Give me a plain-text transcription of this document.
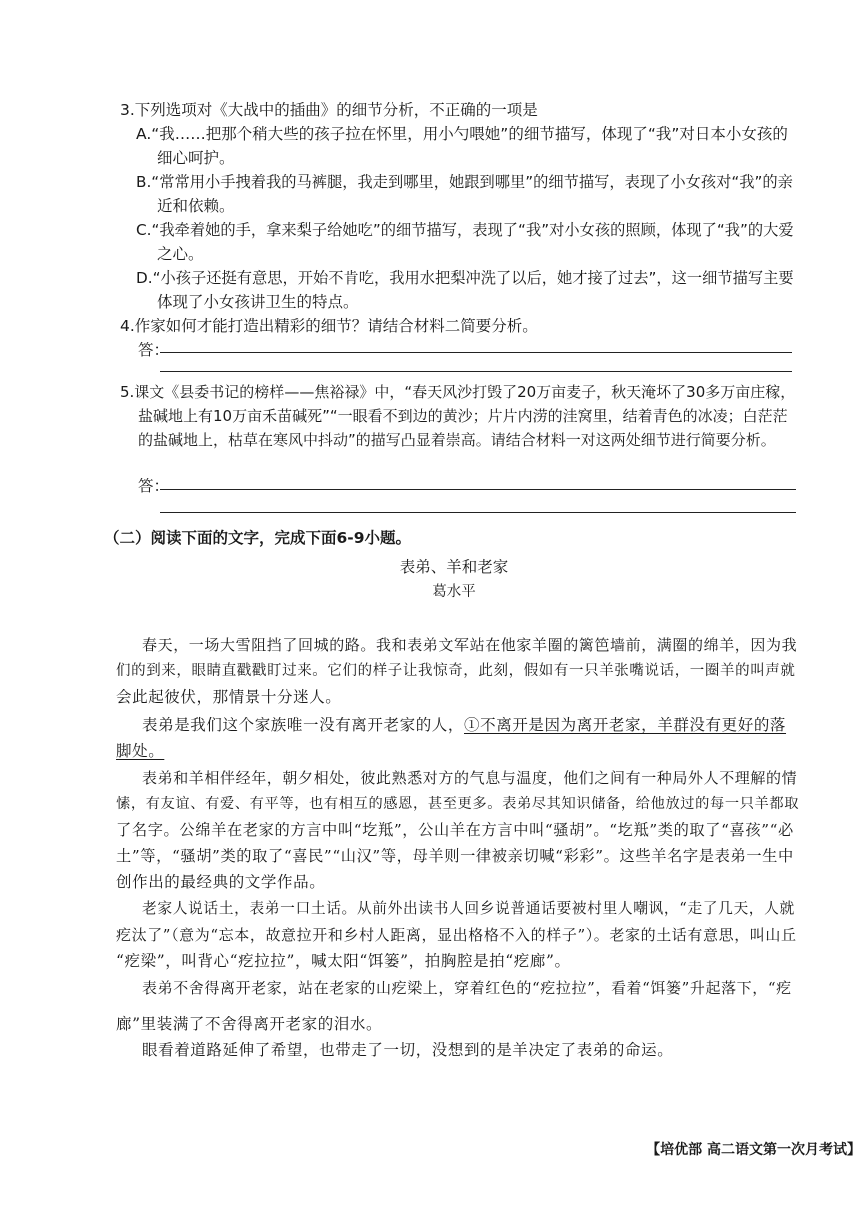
3.下列选项对《大战中的插曲》的细节分析，不正确的一项是
A.“我……把那个稍大些的孩子拉在怀里，用小勺喂她”的细节描写，体现了“我”对日本小女孩的
细心呵护。
B.“常常用小手拽着我的马裤腿，我走到哪里，她跟到哪里”的细节描写，表现了小女孩对“我”的亲
近和依赖。
C.“我牵着她的手，拿来梨子给她吃”的细节描写，表现了“我”对小女孩的照顾，体现了“我”的大爱
之心。
D.“小孩子还挺有意思，开始不肯吃，我用水把梨冲洗了以后，她才接了过去”，这一细节描写主要
体现了小女孩讲卫生的特点。
4.作家如何才能打造出精彩的细节？请结合材料二简要分析。
答：
5.课文《县委书记的榜样——焦裕禄》中，“春天风沙打毁了20万亩麦子，秋天淹坏了30多万亩庄稼，
盐碱地上有10万亩禾苗碱死”“一眼看不到边的黄沙；片片内涝的洼窝里，结着青色的冰凌；白茫茫
的盐碱地上，枯草在寒风中抖动”的描写凸显着崇高。请结合材料一对这两处细节进行简要分析。
答：
（二）阅读下面的文字，完成下面6-9小题。
表弟、羊和老家
葛水平
春天，一场大雪阻挡了回城的路。我和表弟文军站在他家羊圈的篱笆墙前，满圈的绵羊，因为我
们的到来，眼睛直戳戳盯过来。它们的样子让我惊奇，此刻，假如有一只羊张嘴说话，一圈羊的叫声就
会此起彼伏，那情景十分迷人。
表弟是我们这个家族唯一没有离开老家的人，①不离开是因为离开老家，羊群没有更好的落
脚处。
表弟和羊相伴经年，朝夕相处，彼此熟悉对方的气息与温度，他们之间有一种局外人不理解的情
愫，有友谊、有爱、有平等，也有相互的感恩，甚至更多。表弟尽其知识储备，给他放过的每一只羊都取
了名字。公绵羊在老家的方言中叫“圪羝”，公山羊在方言中叫“骚胡”。“圪羝”类的取了“喜孩”“必
土”等，“骚胡”类的取了“喜民”“山汉”等，母羊则一律被亲切喊“彩彩”。这些羊名字是表弟一生中
创作出的最经典的文学作品。
老家人说话土，表弟一口土话。从前外出读书人回乡说普通话要被村里人嘲讽，“走了几天，人就
疙汰了”（意为“忘本，故意拉开和乡村人距离，显出格格不入的样子”）。老家的土话有意思，叫山丘
“疙梁”，叫背心“疙拉拉”，喊太阳“饵篓”，拍胸腔是拍“疙廊”。
表弟不舍得离开老家，站在老家的山疙梁上，穿着红色的“疙拉拉”，看着“饵篓”升起落下，“疙
廊”里装满了不舍得离开老家的泪水。
眼看着道路延伸了希望，也带走了一切，没想到的是羊决定了表弟的命运。
【培优部 高二语文第一次月考试】
